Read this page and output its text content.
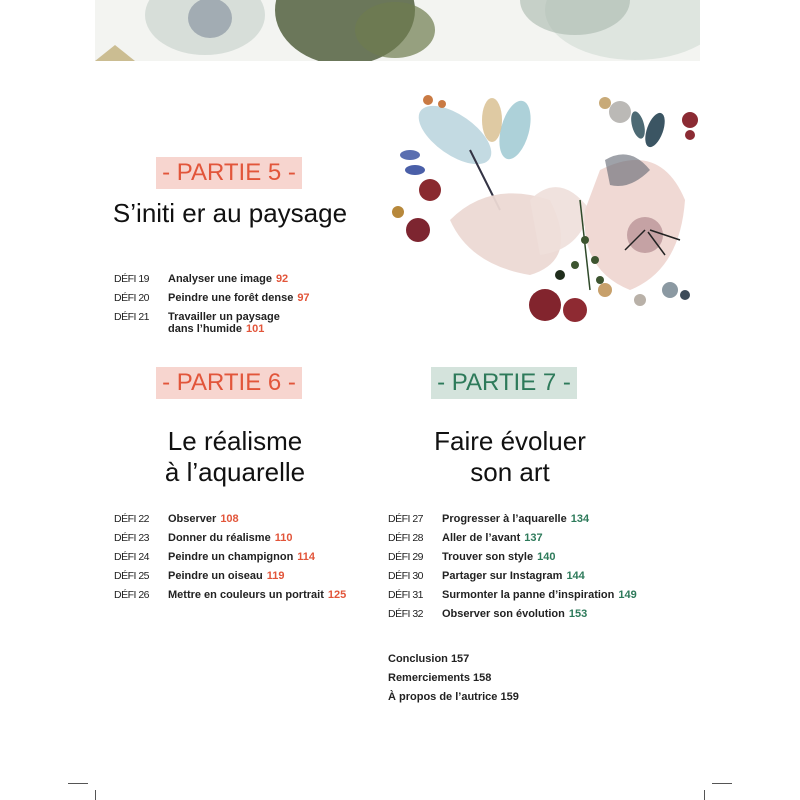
- PARTIE 5 -
S’initi er au paysage
DÉFI 19	Analyser une image 92
DÉFI 20	Peindre une forêt dense 97
DÉFI 21	Travailler un paysage
dans l’humide 101
- PARTIE 6 -
Le réalisme
à l’aquarelle
DÉFI 22	Observer 108
DÉFI 23	Donner du réalisme 110
DÉFI 24	Peindre un champignon 114
DÉFI 25	Peindre un oiseau 119
DÉFI 26	Mettre en couleurs un portrait 125
- PARTIE 7 -
Faire évoluer
son art
DÉFI 27	Progresser à l’aquarelle 134
DÉFI 28	Aller de l’avant 137
DÉFI 29	Trouver son style 140
DÉFI 30	Partager sur Instagram 144
DÉFI 31	Surmonter la panne d’inspiration 149
DÉFI 32	Observer son évolution 153
Conclusion 157
Remerciements 158
À propos de l’autrice 159
